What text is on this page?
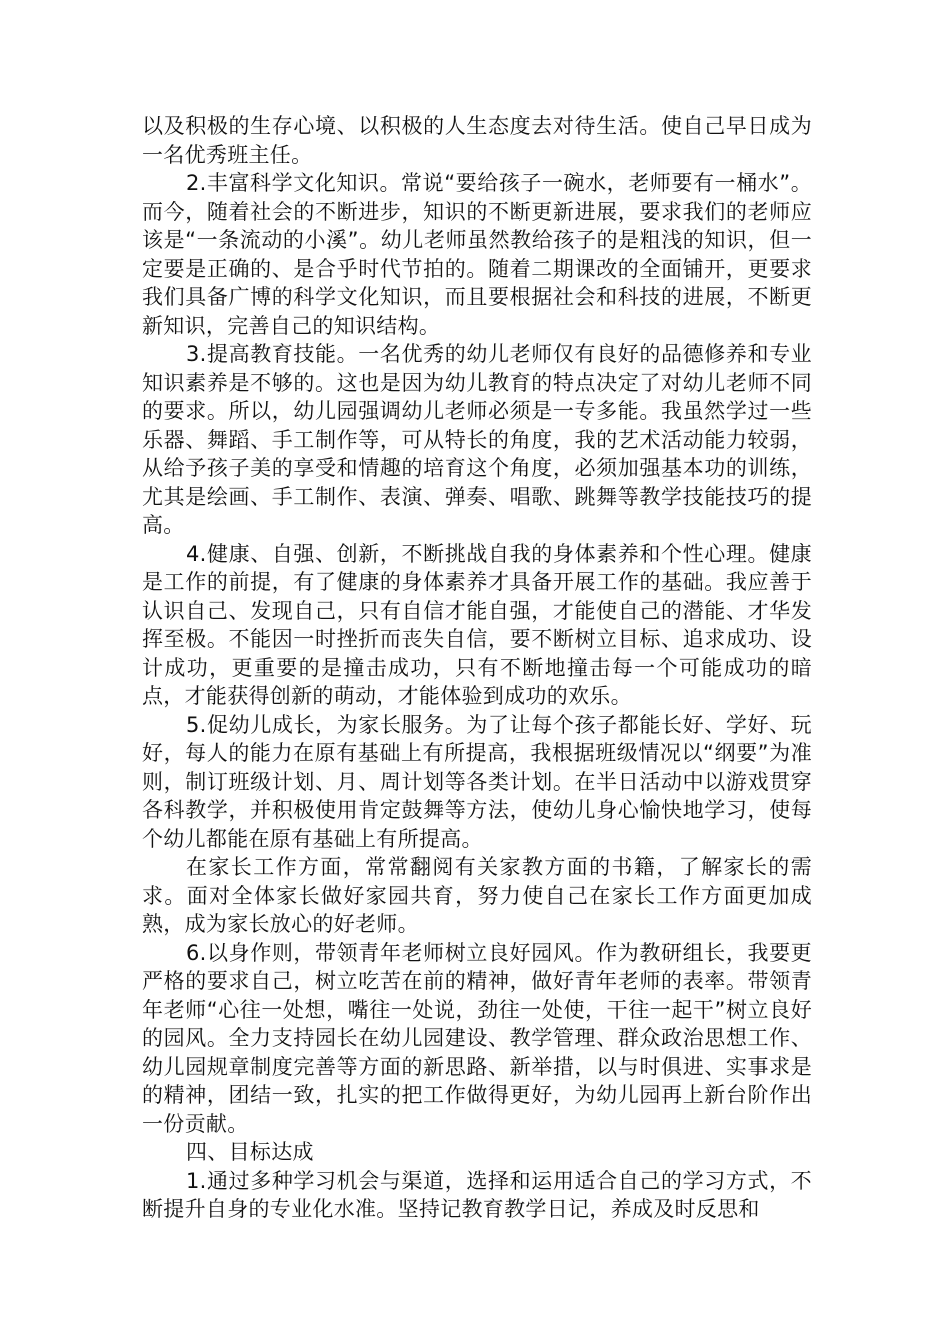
以及积极的生存心境、以积极的人生态度去对待生活。使自己早日成为一名优秀班主任。

2.丰富科学文化知识。常说“要给孩子一碗水，老师要有一桶水”。而今，随着社会的不断进步，知识的不断更新进展，要求我们的老师应该是“一条流动的小溪”。幼儿老师虽然教给孩子的是粗浅的知识，但一定要是正确的、是合乎时代节拍的。随着二期课改的全面铺开，更要求我们具备广博的科学文化知识，而且要根据社会和科技的进展，不断更新知识，完善自己的知识结构。

3.提高教育技能。一名优秀的幼儿老师仅有良好的品德修养和专业知识素养是不够的。这也是因为幼儿教育的特点决定了对幼儿老师不同的要求。所以，幼儿园强调幼儿老师必须是一专多能。我虽然学过一些乐器、舞蹈、手工制作等，可从特长的角度，我的艺术活动能力较弱，从给予孩子美的享受和情趣的培育这个角度，必须加强基本功的训练，尤其是绘画、手工制作、表演、弹奏、唱歌、跳舞等教学技能技巧的提高。

4.健康、自强、创新，不断挑战自我的身体素养和个性心理。健康是工作的前提，有了健康的身体素养才具备开展工作的基础。我应善于认识自己、发现自己，只有自信才能自强，才能使自己的潜能、才华发挥至极。不能因一时挫折而丧失自信，要不断树立目标、追求成功、设计成功，更重要的是撞击成功，只有不断地撞击每一个可能成功的暗点，才能获得创新的萌动，才能体验到成功的欢乐。

5.促幼儿成长，为家长服务。为了让每个孩子都能长好、学好、玩好，每人的能力在原有基础上有所提高，我根据班级情况以“纲要”为准则，制订班级计划、月、周计划等各类计划。在半日活动中以游戏贯穿各科教学，并积极使用肯定鼓舞等方法，使幼儿身心愉快地学习，使每个幼儿都能在原有基础上有所提高。

在家长工作方面，常常翻阅有关家教方面的书籍，了解家长的需求。面对全体家长做好家园共育，努力使自己在家长工作方面更加成熟，成为家长放心的好老师。

6.以身作则，带领青年老师树立良好园风。作为教研组长，我要更严格的要求自己，树立吃苦在前的精神，做好青年老师的表率。带领青年老师“心往一处想，嘴往一处说，劲往一处使，干往一起干”树立良好的园风。全力支持园长在幼儿园建设、教学管理、群众政治思想工作、幼儿园规章制度完善等方面的新思路、新举措，以与时俱进、实事求是的精神，团结一致，扎实的把工作做得更好，为幼儿园再上新台阶作出一份贡献。

四、目标达成

1.通过多种学习机会与渠道，选择和运用适合自己的学习方式，不断提升自身的专业化水准。坚持记教育教学日记，养成及时反思和
